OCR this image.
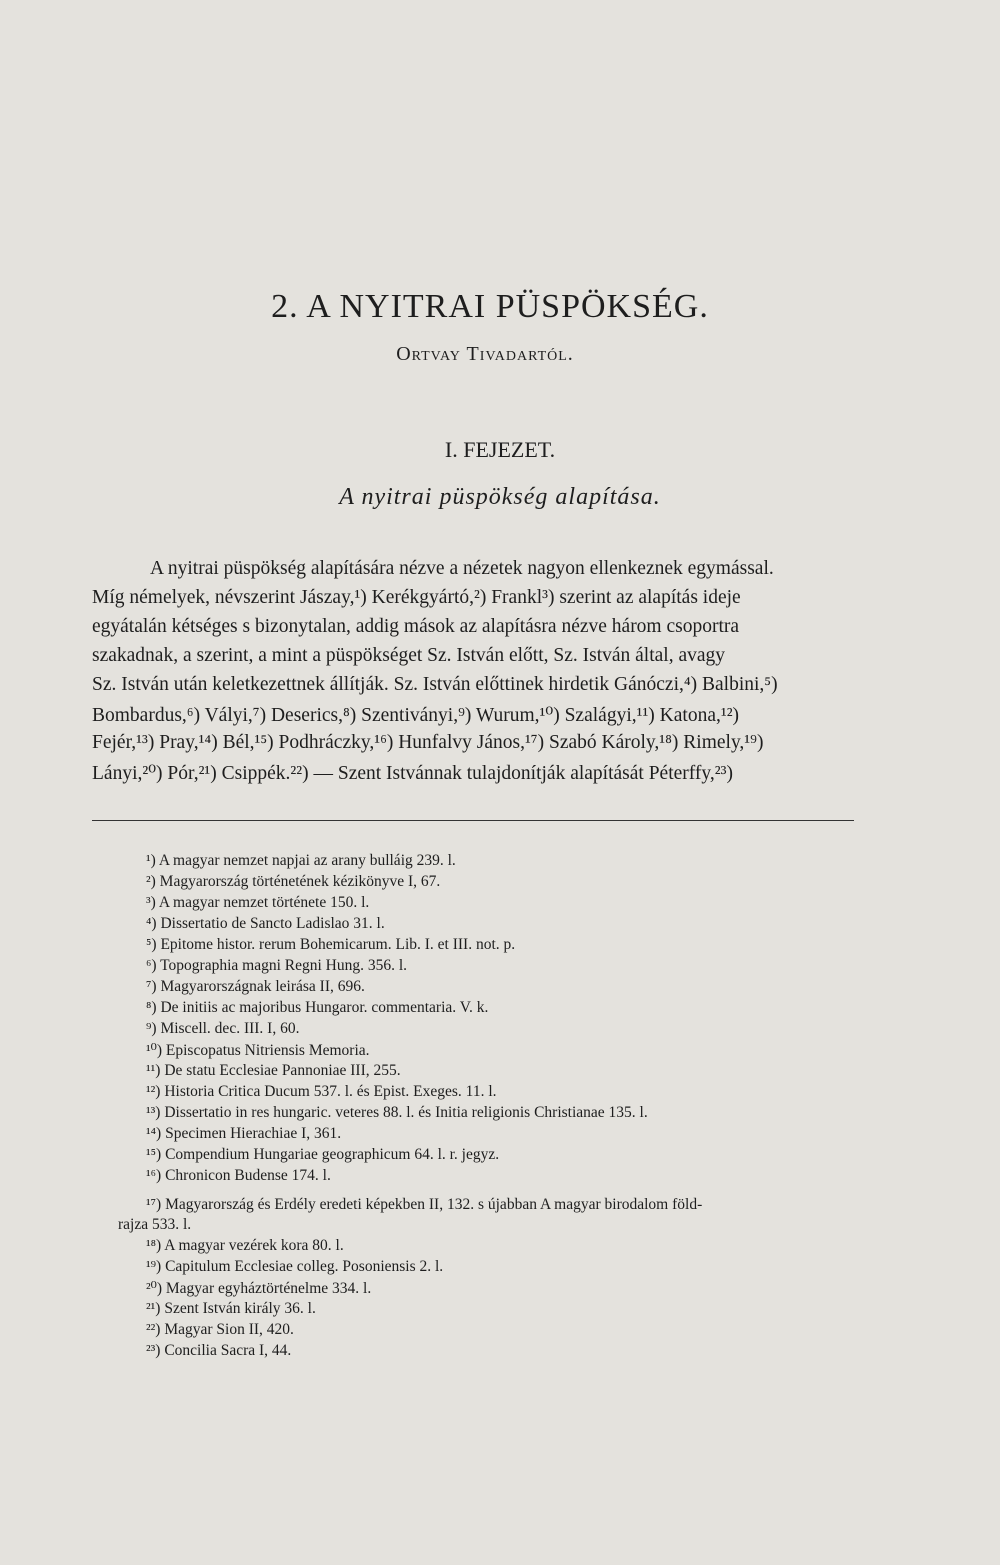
2. A NYITRAI PÜSPÖKSÉG.
Ortvay Tivadartól.
I. FEJEZET.
A nyitrai püspökség alapítása.
A nyitrai püspökség alapítására nézve a nézetek nagyon ellenkeznek egymással.
Míg némelyek, névszerint Jászay,¹) Kerékgyártó,²) Frankl³) szerint az alapítás ideje
egyátalán kétséges s bizonytalan, addig mások az alapításra nézve három csoportra
szakadnak, a szerint, a mint a püspökséget Sz. István előtt, Sz. István által, avagy
Sz. István után keletkezettnek állítják. Sz. István előttinek hirdetik Gánóczi,⁴) Balbini,⁵)
Bombardus,⁶) Vályi,⁷) Deserics,⁸) Szentiványi,⁹) Wurum,¹⁰) Szalágyi,¹¹) Katona,¹²)
Fejér,¹³) Pray,¹⁴) Bél,¹⁵) Podhráczky,¹⁶) Hunfalvy János,¹⁷) Szabó Károly,¹⁸) Rimely,¹⁹)
Lányi,²⁰) Pór,²¹) Csippék.²²) — Szent Istvánnak tulajdonítják alapítását Péterffy,²³)
¹) A magyar nemzet napjai az arany bulláig 239. l.
²) Magyarország történetének kézikönyve I, 67.
³) A magyar nemzet története 150. l.
⁴) Dissertatio de Sancto Ladislao 31. l.
⁵) Epitome histor. rerum Bohemicarum. Lib. I. et III. not. p.
⁶) Topographia magni Regni Hung. 356. l.
⁷) Magyarországnak leirása II, 696.
⁸) De initiis ac majoribus Hungaror. commentaria. V. k.
⁹) Miscell. dec. III. I, 60.
¹⁰) Episcopatus Nitriensis Memoria.
¹¹) De statu Ecclesiae Pannoniae III, 255.
¹²) Historia Critica Ducum 537. l. és Epist. Exeges. 11. l.
¹³) Dissertatio in res hungaric. veteres 88. l. és Initia religionis Christianae 135. l.
¹⁴) Specimen Hierachiae I, 361.
¹⁵) Compendium Hungariae geographicum 64. l. r. jegyz.
¹⁶) Chronicon Budense 174. l.
¹⁷) Magyarország és Erdély eredeti képekben II, 132. s újabban A magyar birodalom föld-
rajza 533. l.
¹⁸) A magyar vezérek kora 80. l.
¹⁹) Capitulum Ecclesiae colleg. Posoniensis 2. l.
²⁰) Magyar egyháztörténelme 334. l.
²¹) Szent István király 36. l.
²²) Magyar Sion II, 420.
²³) Concilia Sacra I, 44.
